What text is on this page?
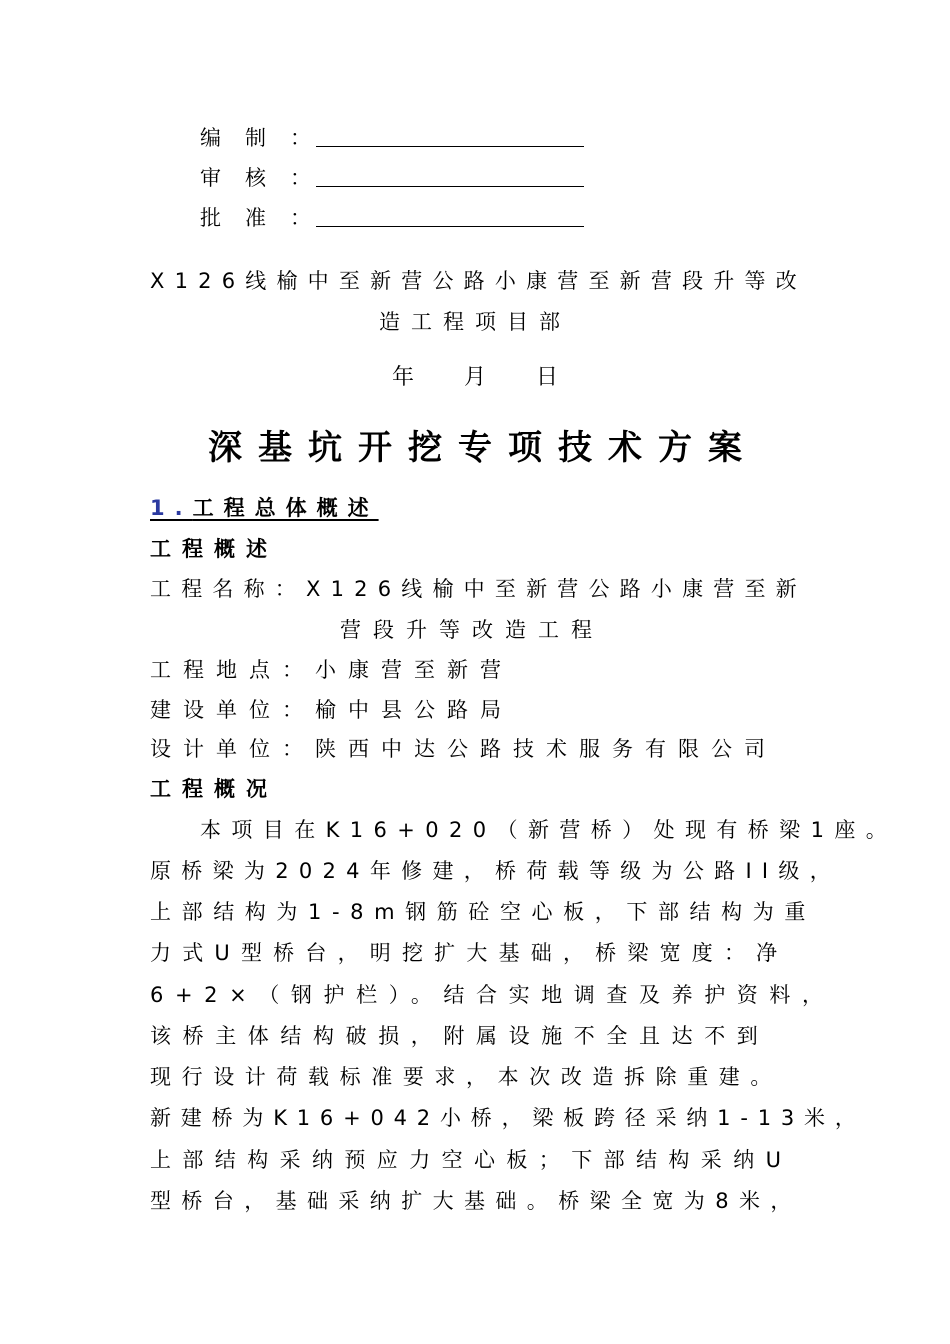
编制：
审核：
批准：
X126线榆中至新营公路小康营至新营段升等改
造工程项目部
年 月 日
深基坑开挖专项技术方案
1.工程总体概述
工程概述
工程名称：X126线榆中至新营公路小康营至新
营段升等改造工程
工程地点：小康营至新营
建设单位：榆中县公路局
设计单位：陕西中达公路技术服务有限公司
工程概况
本项目在K16+020（新营桥）处现有桥梁1座。
原桥梁为2024年修建，桥荷载等级为公路II级，
上部结构为1-8m钢筋砼空心板，下部结构为重
力式U型桥台，明挖扩大基础，桥梁宽度：净
6+2×（钢护栏）。结合实地调查及养护资料，
该桥主体结构破损，附属设施不全且达不到
现行设计荷载标准要求，本次改造拆除重建。
新建桥为K16+042小桥，梁板跨径采纳1-13米，
上部结构采纳预应力空心板；下部结构采纳U
型桥台，基础采纳扩大基础。桥梁全宽为8米，
